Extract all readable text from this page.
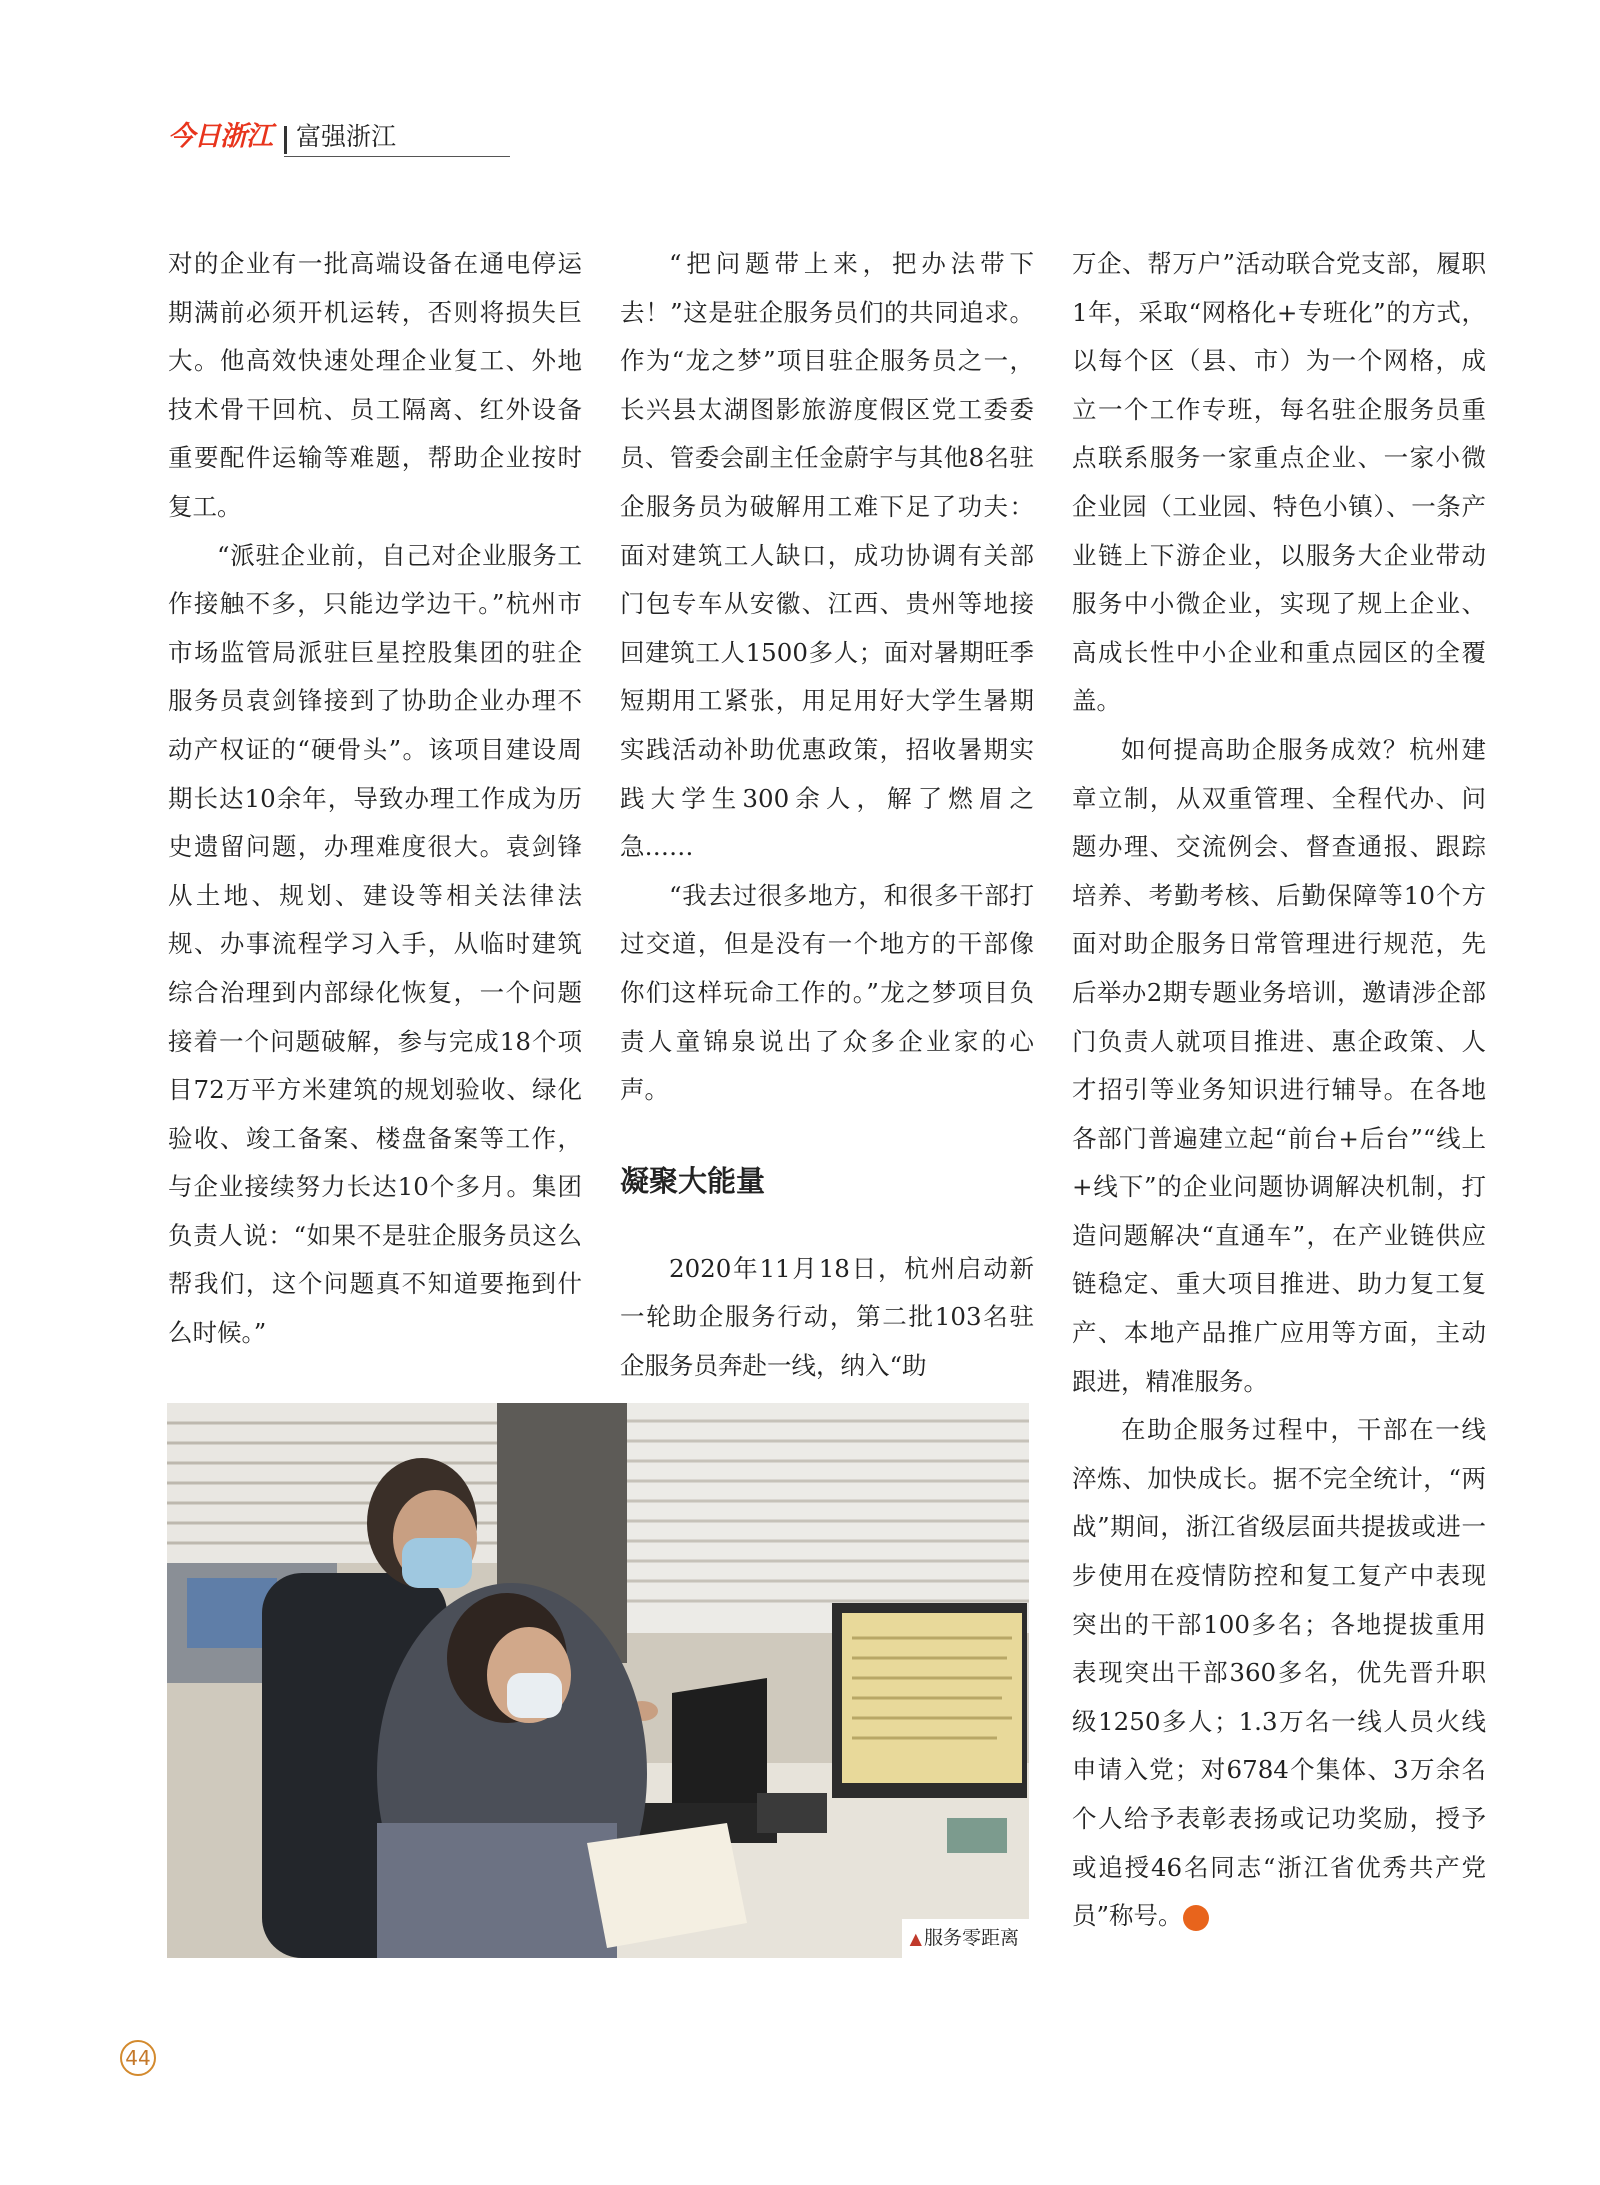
今日浙江 富强浙江

对的企业有一批高端设备在通电停运期满前必须开机运转，否则将损失巨大。他高效快速处理企业复工、外地技术骨干回杭、员工隔离、红外设备重要配件运输等难题，帮助企业按时复工。

“派驻企业前，自己对企业服务工作接触不多，只能边学边干。”杭州市市场监管局派驻巨星控股集团的驻企服务员袁剑锋接到了协助企业办理不动产权证的“硬骨头”。该项目建设周期长达10余年，导致办理工作成为历史遗留问题，办理难度很大。袁剑锋从土地、规划、建设等相关法律法规、办事流程学习入手，从临时建筑综合治理到内部绿化恢复，一个问题接着一个问题破解，参与完成18个项目72万平方米建筑的规划验收、绿化验收、竣工备案、楼盘备案等工作，与企业接续努力长达10个多月。集团负责人说：“如果不是驻企服务员这么帮我们，这个问题真不知道要拖到什么时候。”

“把问题带上来，把办法带下去！”这是驻企服务员们的共同追求。作为“龙之梦”项目驻企服务员之一，长兴县太湖图影旅游度假区党工委委员、管委会副主任金蔚宇与其他8名驻企服务员为破解用工难下足了功夫：面对建筑工人缺口，成功协调有关部门包专车从安徽、江西、贵州等地接回建筑工人1500多人；面对暑期旺季短期用工紧张，用足用好大学生暑期实践活动补助优惠政策，招收暑期实践大学生300余人，解了燃眉之急……

“我去过很多地方，和很多干部打过交道，但是没有一个地方的干部像你们这样玩命工作的。”龙之梦项目负责人童锦泉说出了众多企业家的心声。

凝聚大能量

2020年11月18日，杭州启动新一轮助企服务行动，第二批103名驻企服务员奔赴一线，纳入“助

万企、帮万户”活动联合党支部，履职1年，采取“网格化+专班化”的方式，以每个区（县、市）为一个网格，成立一个工作专班，每名驻企服务员重点联系服务一家重点企业、一家小微企业园（工业园、特色小镇）、一条产业链上下游企业，以服务大企业带动服务中小微企业，实现了规上企业、高成长性中小企业和重点园区的全覆盖。

如何提高助企服务成效？杭州建章立制，从双重管理、全程代办、问题办理、交流例会、督查通报、跟踪培养、考勤考核、后勤保障等10个方面对助企服务日常管理进行规范，先后举办2期专题业务培训，邀请涉企部门负责人就项目推进、惠企政策、人才招引等业务知识进行辅导。在各地各部门普遍建立起“前台+后台”“线上+线下”的企业问题协调解决机制，打造问题解决“直通车”，在产业链供应链稳定、重大项目推进、助力复工复产、本地产品推广应用等方面，主动跟进，精准服务。

在助企服务过程中，干部在一线淬炼、加快成长。据不完全统计，“两战”期间，浙江省级层面共提拔或进一步使用在疫情防控和复工复产中表现突出的干部100多名；各地提拔重用表现突出干部360多名，优先晋升职级1250多人；1.3万名一线人员火线申请入党；对6784个集体、3万余名个人给予表彰表扬或记功奖励，授予或追授46名同志“浙江省优秀共产党员”称号。	今

▲ 服务零距离
44
